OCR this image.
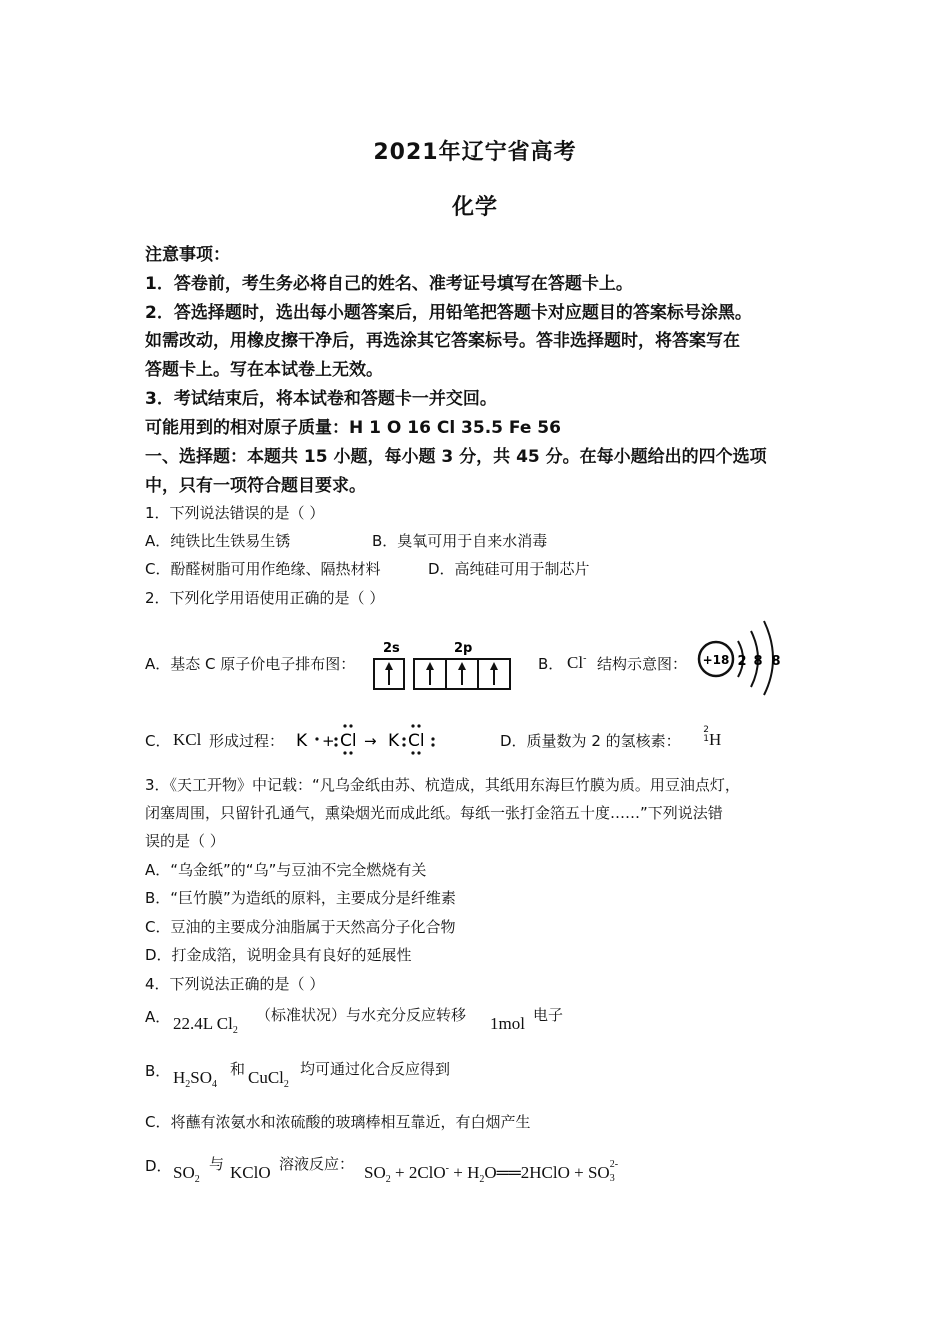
2021年辽宁省高考
化学
注意事项：
1．答卷前，考生务必将自己的姓名、准考证号填写在答题卡上。
2．答选择题时，选出每小题答案后，用铅笔把答题卡对应题目的答案标号涂黑。
如需改动，用橡皮擦干净后，再选涂其它答案标号。答非选择题时，将答案写在
答题卡上。写在本试卷上无效。
3．考试结束后，将本试卷和答题卡一并交回。
可能用到的相对原子质量：H 1 O 16 Cl 35.5 Fe 56
一、选择题：本题共 15 小题，每小题 3 分，共 45 分。在每小题给出的四个选项
中，只有一项符合题目要求。
1．下列说法错误的是（ ）
A．纯铁比生铁易生锈	B．臭氧可用于自来水消毒
C．酚醛树脂可用作绝缘、隔热材料	D．高纯硅可用于制芯片
2．下列化学用语使用正确的是（ ）
A．基态 C 原子价电子排布图：
2s	2p
B． Cl- 结构示意图： +18 2 8 8
C． KCl 形成过程： K + Cl → K Cl	D．质量数为 2 的氢核素：
2
1 H
3．《天工开物》中记载：“凡乌金纸由苏、杭造成，其纸用东海巨竹膜为质。用豆油点灯，
闭塞周围，只留针孔通气，熏染烟光而成此纸。每纸一张打金箔五十度……”下列说法错
误的是（ ）
A．“乌金纸”的“乌”与豆油不完全燃烧有关
B．“巨竹膜”为造纸的原料，主要成分是纤维素
C．豆油的主要成分油脂属于天然高分子化合物
D．打金成箔，说明金具有良好的延展性
4．下列说法正确的是（ ）
A． 22.4L $Cl_2$
（标准状况）与水充分反应转移 1mol 电子
B． $H_2SO_4$
和 CuCl$_2$
均可通过化合反应得到
C．将蘸有浓氨水和浓硫酸的玻璃棒相互靠近，有白烟产生
D． $SO_2$
与 KClO 溶液反应： $SO_2 + 2ClO^-$ + $H_2O══2HClO$ + SO 2-
3
